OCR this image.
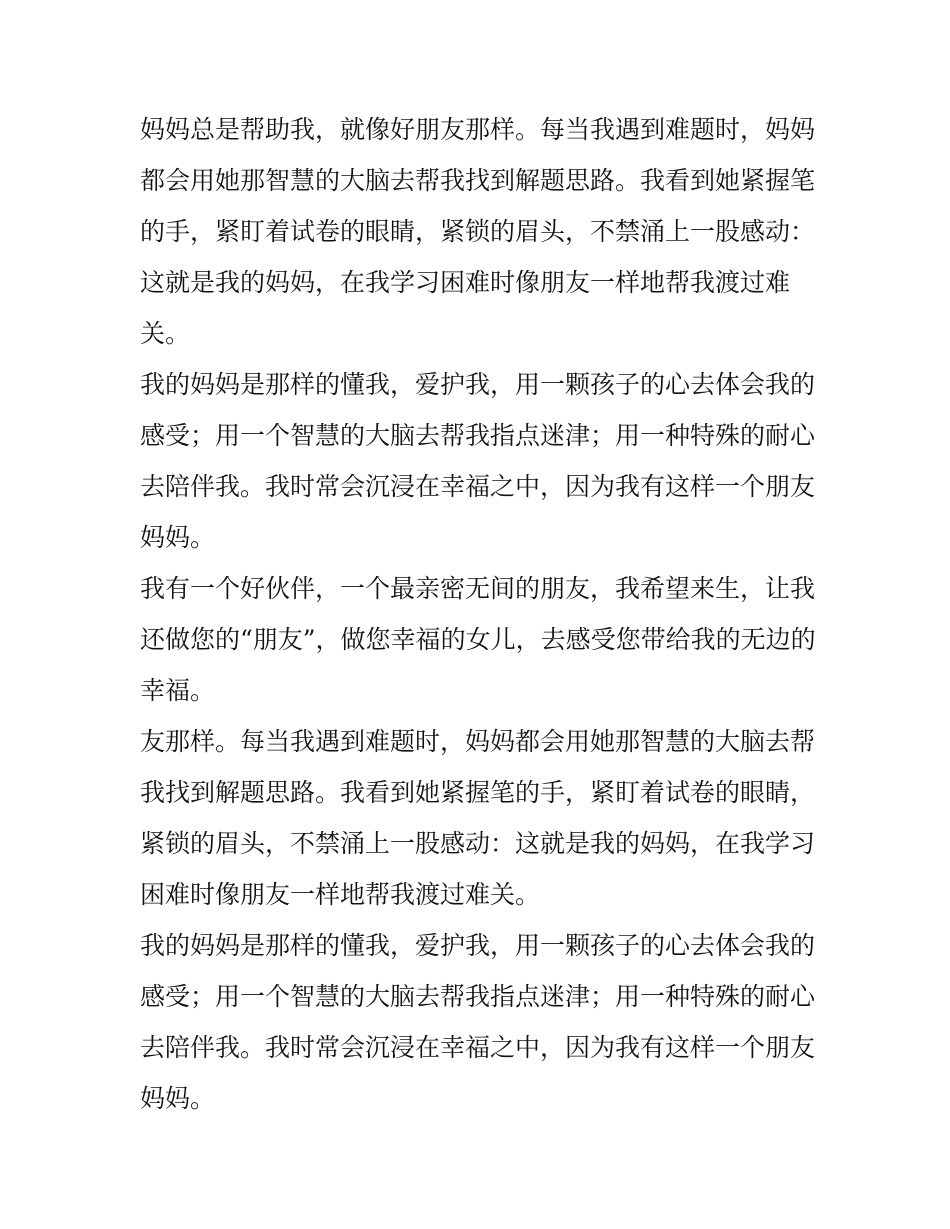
妈妈总是帮助我，就像好朋友那样。每当我遇到难题时，妈妈
都会用她那智慧的大脑去帮我找到解题思路。我看到她紧握笔
的手，紧盯着试卷的眼睛，紧锁的眉头，不禁涌上一股感动：
这就是我的妈妈，在我学习困难时像朋友一样地帮我渡过难
关。
我的妈妈是那样的懂我，爱护我，用一颗孩子的心去体会我的
感受；用一个智慧的大脑去帮我指点迷津；用一种特殊的耐心
去陪伴我。我时常会沉浸在幸福之中，因为我有这样一个朋友
妈妈。
我有一个好伙伴，一个最亲密无间的朋友，我希望来生，让我
还做您的“朋友”，做您幸福的女儿，去感受您带给我的无边的
幸福。
友那样。每当我遇到难题时，妈妈都会用她那智慧的大脑去帮
我找到解题思路。我看到她紧握笔的手，紧盯着试卷的眼睛，
紧锁的眉头，不禁涌上一股感动：这就是我的妈妈，在我学习
困难时像朋友一样地帮我渡过难关。
我的妈妈是那样的懂我，爱护我，用一颗孩子的心去体会我的
感受；用一个智慧的大脑去帮我指点迷津；用一种特殊的耐心
去陪伴我。我时常会沉浸在幸福之中，因为我有这样一个朋友
妈妈。
